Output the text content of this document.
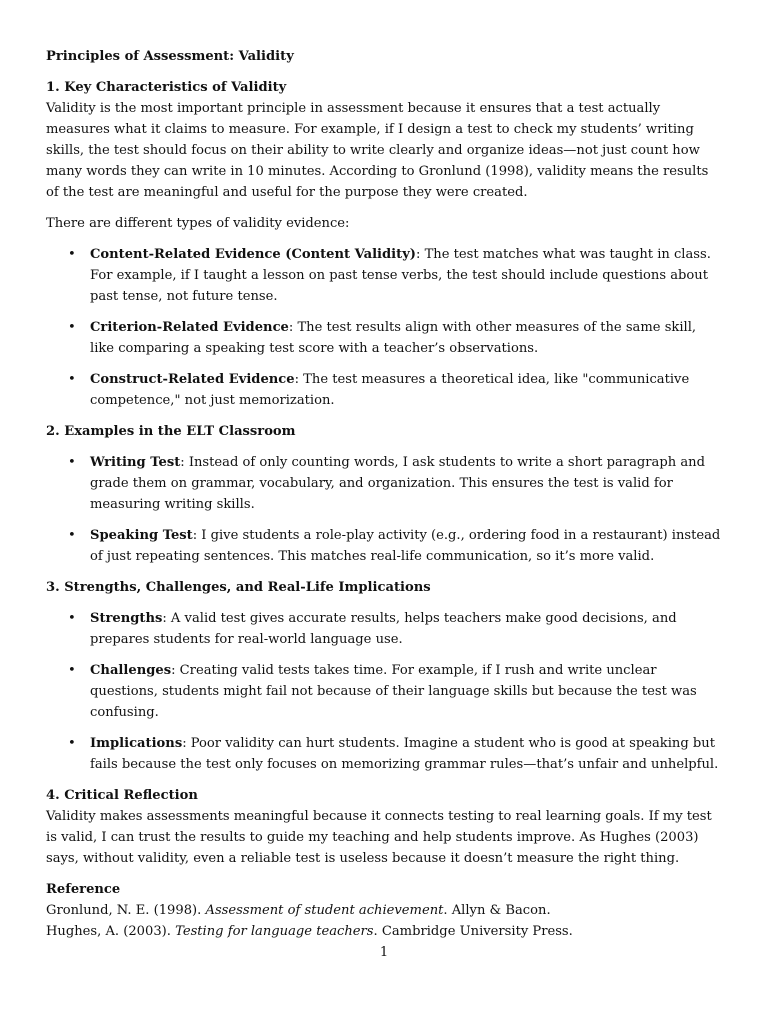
Principles of Assessment: Validity

1. Key Characteristics of Validity

Validity is the most important principle in assessment because it ensures that a test actually measures what it claims to measure. For example, if I design a test to check my students’ writing skills, the test should focus on their ability to write clearly and organize ideas—not just count how many words they can write in 10 minutes. According to Gronlund (1998), validity means the results of the test are meaningful and useful for the purpose they were created.

There are different types of validity evidence:

• Content-Related Evidence (Content Validity): The test matches what was taught in class. For example, if I taught a lesson on past tense verbs, the test should include questions about past tense, not future tense.
• Criterion-Related Evidence: The test results align with other measures of the same skill, like comparing a speaking test score with a teacher’s observations.
• Construct-Related Evidence: The test measures a theoretical idea, like "communicative competence," not just memorization.

2. Examples in the ELT Classroom

• Writing Test: Instead of only counting words, I ask students to write a short paragraph and grade them on grammar, vocabulary, and organization. This ensures the test is valid for measuring writing skills.
• Speaking Test: I give students a role-play activity (e.g., ordering food in a restaurant) instead of just repeating sentences. This matches real-life communication, so it’s more valid.

3. Strengths, Challenges, and Real-Life Implications

• Strengths: A valid test gives accurate results, helps teachers make good decisions, and prepares students for real-world language use.
• Challenges: Creating valid tests takes time. For example, if I rush and write unclear questions, students might fail not because of their language skills but because the test was confusing.
• Implications: Poor validity can hurt students. Imagine a student who is good at speaking but fails because the test only focuses on memorizing grammar rules—that’s unfair and unhelpful.

4. Critical Reflection

Validity makes assessments meaningful because it connects testing to real learning goals. If my test is valid, I can trust the results to guide my teaching and help students improve. As Hughes (2003) says, without validity, even a reliable test is useless because it doesn’t measure the right thing.

Reference

Gronlund, N. E. (1998). Assessment of student achievement. Allyn & Bacon.

Hughes, A. (2003). Testing for language teachers. Cambridge University Press.

1
